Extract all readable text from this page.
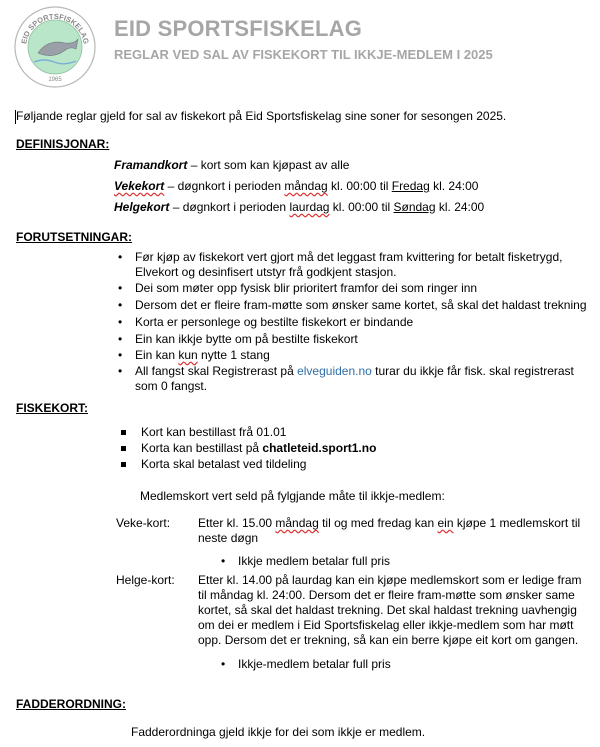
EID SPORTSFISKELAG
1965
EID SPORTSFISKELAG
REGLAR VED SAL AV FISKEKORT TIL IKKJE-MEDLEM I 2025
Føljande reglar gjeld for sal av fiskekort på Eid Sportsfiskelag sine soner for sesongen 2025.
DEFINISJONAR:
Framandkort – kort som kan kjøpast av alle
Vekekort – døgnkort i perioden måndag kl. 00:00 til Fredag kl. 24:00
Helgekort – døgnkort i perioden laurdag kl. 00:00 til Søndag kl. 24:00
FORUTSETNINGAR:
• Før kjøp av fiskekort vert gjort må det leggast fram kvittering for betalt fisketrygd, Elvekort og desinfisert utstyr frå godkjent stasjon.
• Dei som møter opp fysisk blir prioritert framfor dei som ringer inn
• Dersom det er fleire fram-møtte som ønsker same kortet, så skal det haldast trekning
• Korta er personlege og bestilte fiskekort er bindande
• Ein kan ikkje bytte om på bestilte fiskekort
• Ein kan kun nytte 1 stang
• All fangst skal Registrerast på elveguiden.no turar du ikkje får fisk. skal registrerast som 0 fangst.
FISKEKORT:
Kort kan bestillast frå 01.01
Korta kan bestillast på chatleteid.sport1.no
Korta skal betalast ved tildeling
Medlemskort vert seld på fylgjande måte til ikkje-medlem:
Veke-kort: Etter kl. 15.00 måndag til og med fredag kan ein kjøpe 1 medlemskort til neste døgn
• Ikkje medlem betalar full pris
Helge-kort: Etter kl. 14.00 på laurdag kan ein kjøpe medlemskort som er ledige fram til måndag kl. 24:00. Dersom det er fleire fram-møtte som ønsker same kortet, så skal det haldast trekning. Det skal haldast trekning uavhengig om dei er medlem i Eid Sportsfiskelag eller ikkje-medlem som har møtt opp. Dersom det er trekning, så kan ein berre kjøpe eit kort om gangen.
• Ikkje-medlem betalar full pris
FADDERORDNING:
Fadderordninga gjeld ikkje for dei som ikkje er medlem.
